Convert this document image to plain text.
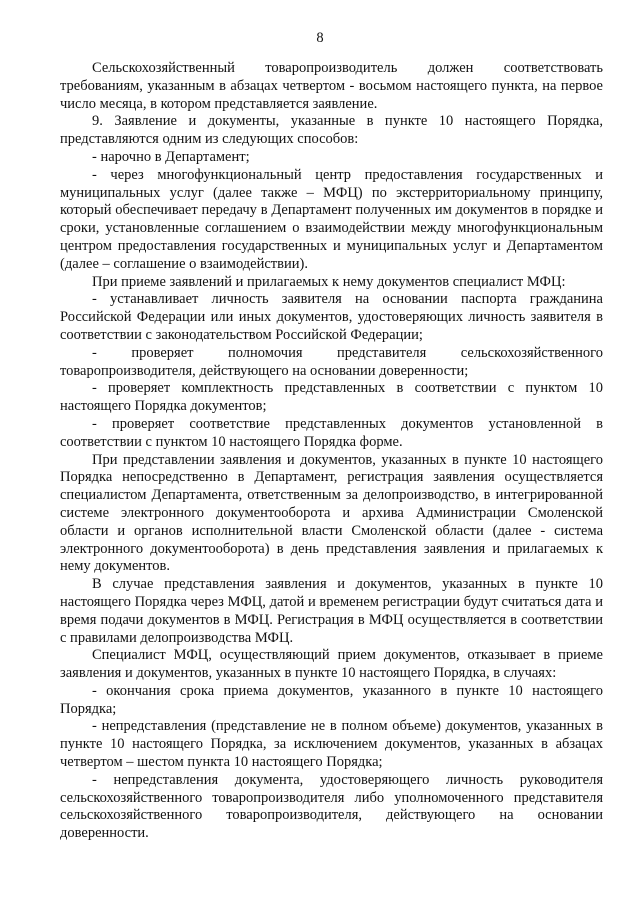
8

Сельскохозяйственный товаропроизводитель должен соответствовать требованиям, указанным в абзацах четвертом - восьмом настоящего пункта, на первое число месяца, в котором представляется заявление.

9. Заявление и документы, указанные в пункте 10 настоящего Порядка, представляются одним из следующих способов:

- нарочно в Департамент;

- через многофункциональный центр предоставления государственных и муниципальных услуг (далее также – МФЦ) по экстерриториальному принципу, который обеспечивает передачу в Департамент полученных им документов в порядке и сроки, установленные соглашением о взаимодействии между многофункциональным центром предоставления государственных и муниципальных услуг и Департаментом (далее – соглашение о взаимодействии).

При приеме заявлений и прилагаемых к нему документов специалист МФЦ:

- устанавливает личность заявителя на основании паспорта гражданина Российской Федерации или иных документов, удостоверяющих личность заявителя в соответствии с законодательством Российской Федерации;

- проверяет полномочия представителя сельскохозяйственного товаропроизводителя, действующего на основании доверенности;

- проверяет комплектность представленных в соответствии с пунктом 10 настоящего Порядка документов;

- проверяет соответствие представленных документов установленной в соответствии с пунктом 10 настоящего Порядка форме.

При представлении заявления и документов, указанных в пункте 10 настоящего Порядка непосредственно в Департамент, регистрация заявления осуществляется специалистом Департамента, ответственным за делопроизводство, в интегрированной системе электронного документооборота и архива Администрации Смоленской области и органов исполнительной власти Смоленской области (далее - система электронного документооборота) в день представления заявления и прилагаемых к нему документов.

В случае представления заявления и документов, указанных в пункте 10 настоящего Порядка через МФЦ, датой и временем регистрации будут считаться дата и время подачи документов в МФЦ. Регистрация в МФЦ осуществляется в соответствии с правилами делопроизводства МФЦ.

Специалист МФЦ, осуществляющий прием документов, отказывает в приеме заявления и документов, указанных в пункте 10 настоящего Порядка, в случаях:

- окончания срока приема документов, указанного в пункте 10 настоящего Порядка;

- непредставления (представление не в полном объеме) документов, указанных в пункте 10 настоящего Порядка, за исключением документов, указанных в абзацах четвертом – шестом пункта 10 настоящего Порядка;

- непредставления документа, удостоверяющего личность руководителя сельскохозяйственного товаропроизводителя либо уполномоченного представителя сельскохозяйственного товаропроизводителя, действующего на основании доверенности.
